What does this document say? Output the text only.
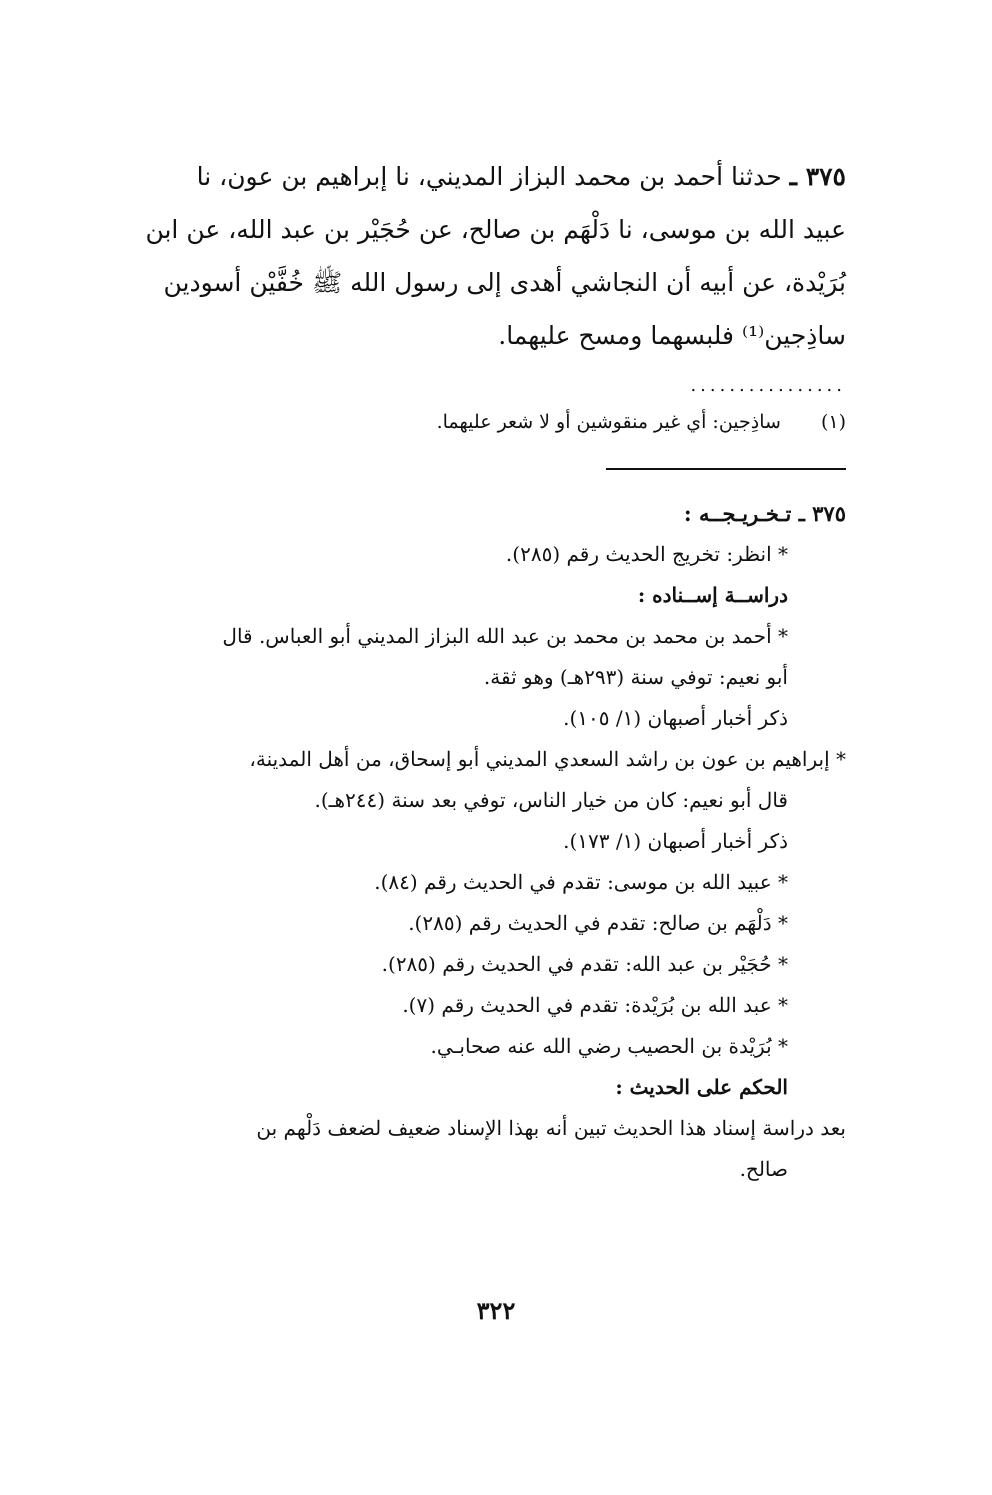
٣٧٥ ـ حدثنا أحمد بن محمد البزاز المديني، نا إبراهيم بن عون، نا

عبيد الله بن موسى، نا دَلْهَم بن صالح، عن حُجَيْر بن عبد الله، عن ابن

بُرَيْدة، عن أبيه أن النجاشي أهدى إلى رسول الله ﷺ خُفَّيْن أسودين

ساذِجين⁽¹⁾ فلبسهما ومسح عليهما.

................
(١)
ساذِجين: أي غير منقوشين أو لا شعر عليهما.
٣٧٥ ـ تـخـريـجــه :

* انظر: تخريج الحديث رقم (٢٨٥).

دراســة إســناده :

* أحمد بن محمد بن محمد بن عبد الله البزاز المديني أبو العباس. قال

أبو نعيم: توفي سنة (٢٩٣هـ) وهو ثقة.

ذكر أخبار أصبهان (١/ ١٠٥).

* إبراهيم بن عون بن راشد السعدي المديني أبو إسحاق، من أهل المدينة،

قال أبو نعيم: كان من خيار الناس، توفي بعد سنة (٢٤٤هـ).

ذكر أخبار أصبهان (١/ ١٧٣).

* عبيد الله بن موسى: تقدم في الحديث رقم (٨٤).

* دَلْهَم بن صالح: تقدم في الحديث رقم (٢٨٥).

* حُجَيْر بن عبد الله: تقدم في الحديث رقم (٢٨٥).

* عبد الله بن بُرَيْدة: تقدم في الحديث رقم (٧).

* بُرَيْدة بن الحصيب رضي الله عنه صحابـي.

الحكم على الحديث :

بعد دراسة إسناد هذا الحديث تبين أنه بهذا الإسناد ضعيف لضعف دَلْهم بن

صالح.

٣٢٢
